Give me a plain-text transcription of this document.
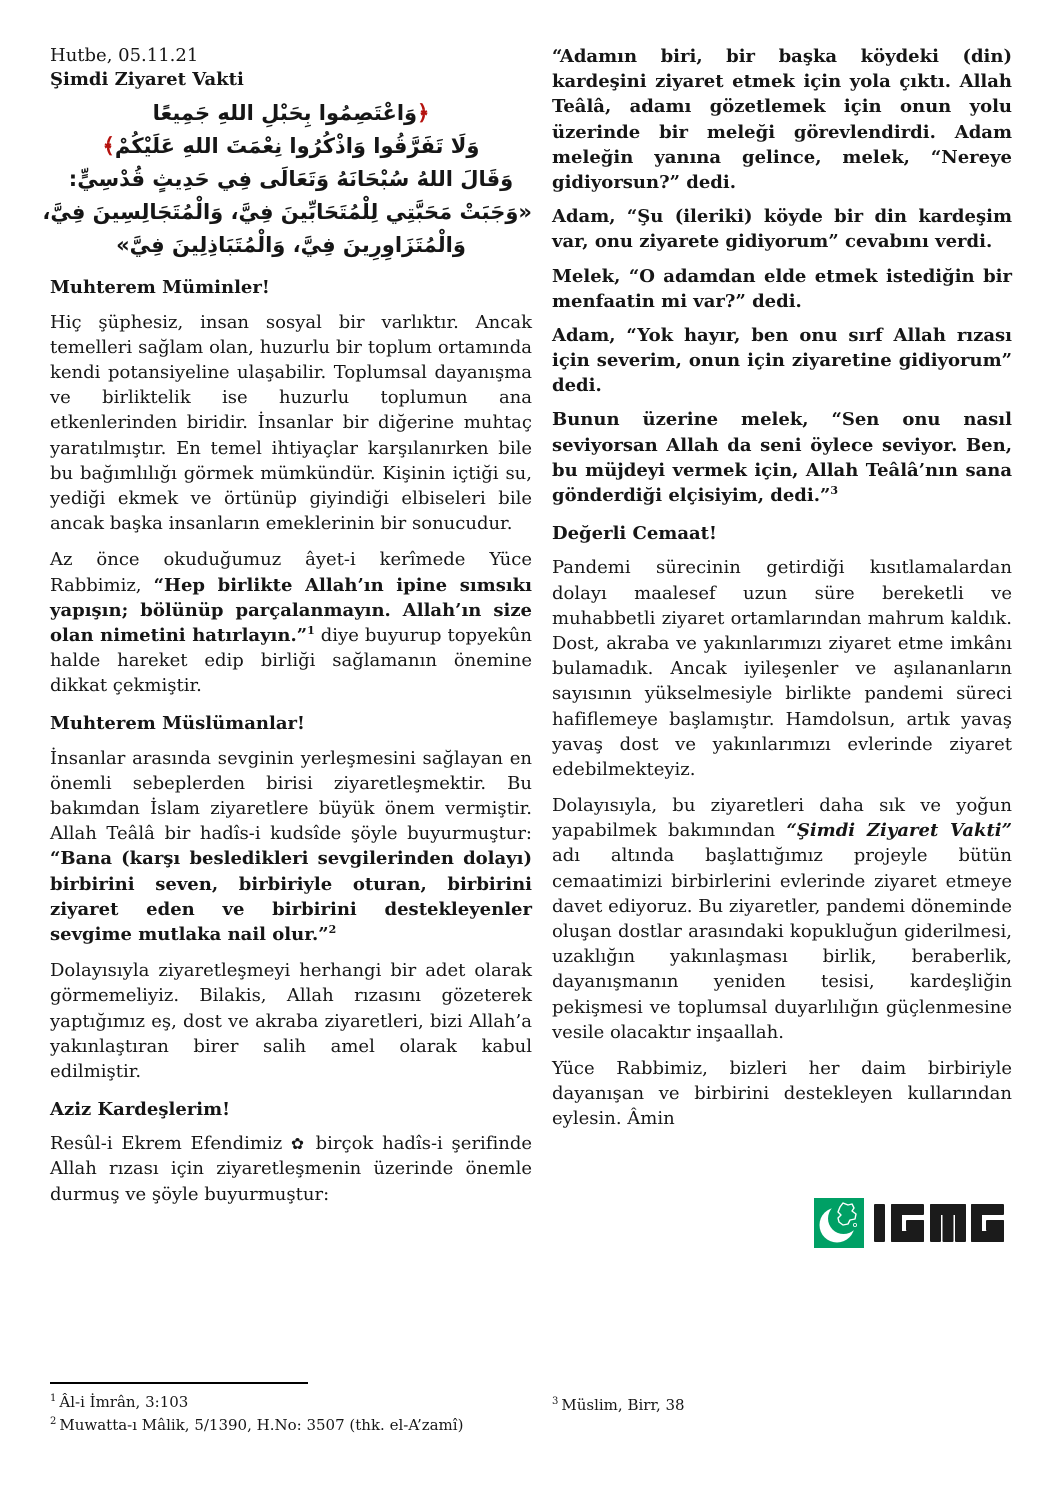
Hutbe, 05.11.21
Şimdi Ziyaret Vakti
﴿وَاعْتَصِمُوا بِحَبْلِ اللهِ جَمِيعًا
وَلَا تَفَرَّقُوا وَاذْكُرُوا نِعْمَتَ اللهِ عَلَيْكُمْ﴾
وَقَالَ اللهُ سُبْحَانَهُ وَتَعَالَى فِي حَدِيثٍ قُدْسِيٍّ:
«وَجَبَتْ مَحَبَّتِي لِلْمُتَحَابِّينَ فِيَّ، وَالْمُتَجَالِسِينَ فِيَّ،
وَالْمُتَزَاوِرِينَ فِيَّ، وَالْمُتَبَاذِلِينَ فِيَّ»
Muhterem Müminler!

Hiç şüphesiz, insan sosyal bir varlıktır. Ancak temelleri sağlam olan, huzurlu bir toplum ortamında kendi potansiyeline ulaşabilir. Toplumsal dayanışma ve birliktelik ise huzurlu toplumun ana etkenlerinden biridir. İnsanlar bir diğerine muhtaç yaratılmıştır. En temel ihtiyaçlar karşılanırken bile bu bağımlılığı görmek mümkündür. Kişinin içtiği su, yediği ekmek ve örtünüp giyindiği elbiseleri bile ancak başka insanların emeklerinin bir sonucudur.

Az önce okuduğumuz âyet-i kerîmede Yüce Rabbimiz, “Hep birlikte Allah’ın ipine sımsıkı yapışın; bölünüp parçalanmayın. Allah’ın size olan nimetini hatırlayın.”$^1$ diye buyurup topyekûn halde hareket edip birliği sağlamanın önemine dikkat çekmiştir.

Muhterem Müslümanlar!

İnsanlar arasında sevginin yerleşmesini sağlayan en önemli sebeplerden birisi ziyaretleşmektir. Bu bakımdan İslam ziyaretlere büyük önem vermiştir. Allah Teâlâ bir hadîs-i kudsîde şöyle buyurmuştur: “Bana (karşı besledikleri sevgilerinden dolayı) birbirini seven, birbiriyle oturan, birbirini ziyaret eden ve birbirini destekleyenler sevgime mutlaka nail olur.”$^2$

Dolayısıyla ziyaretleşmeyi herhangi bir adet olarak görmemeliyiz. Bilakis, Allah rızasını gözeterek yaptığımız eş, dost ve akraba ziyaretleri, bizi Allah’a yakınlaştıran birer salih amel olarak kabul edilmiştir.

Aziz Kardeşlerim!

Resûl-i Ekrem Efendimiz ✿ birçok hadîs-i şerifinde Allah rızası için ziyaretleşmenin üzerinde önemle durmuş ve şöyle buyurmuştur:

“Adamın biri, bir başka köydeki (din) kardeşini ziyaret etmek için yola çıktı. Allah Teâlâ, adamı gözetlemek için onun yolu üzerinde bir meleği görevlendirdi. Adam meleğin yanına gelince, melek, “Nereye gidiyorsun?” dedi.

Adam, “Şu (ileriki) köyde bir din kardeşim var, onu ziyarete gidiyorum” cevabını verdi.

Melek, “O adamdan elde etmek istediğin bir menfaatin mi var?” dedi.

Adam, “Yok hayır, ben onu sırf Allah rızası için severim, onun için ziyaretine gidiyorum” dedi.

Bunun üzerine melek, “Sen onu nasıl seviyorsan Allah da seni öylece seviyor. Ben, bu müjdeyi vermek için, Allah Teâlâ’nın sana gönderdiği elçisiyim, dedi.”$^3$

Değerli Cemaat!

Pandemi sürecinin getirdiği kısıtlamalardan dolayı maalesef uzun süre bereketli ve muhabbetli ziyaret ortamlarından mahrum kaldık. Dost, akraba ve yakınlarımızı ziyaret etme imkânı bulamadık. Ancak iyileşenler ve aşılananların sayısının yükselmesiyle birlikte pandemi süreci hafiflemeye başlamıştır. Hamdolsun, artık yavaş yavaş dost ve yakınlarımızı evlerinde ziyaret edebilmekteyiz.

Dolayısıyla, bu ziyaretleri daha sık ve yoğun yapabilmek bakımından “Şimdi Ziyaret Vakti” adı altında başlattığımız projeyle bütün cemaatimizi birbirlerini evlerinde ziyaret etmeye davet ediyoruz. Bu ziyaretler, pandemi döneminde oluşan dostlar arasındaki kopukluğun giderilmesi, uzaklığın yakınlaşması birlik, beraberlik, dayanışmanın yeniden tesisi, kardeşliğin pekişmesi ve toplumsal duyarlılığın güçlenmesine vesile olacaktır inşaallah.

Yüce Rabbimiz, bizleri her daim birbiriyle dayanışan ve birbirini destekleyen kullarından eylesin. Âmin

$^1$ Âl-i İmrân, 3:103
$^2$ Muwatta-ı Mâlik, 5/1390, H.No: 3507 (thk. el-A’zamî)
$^3$ Müslim, Birr, 38
